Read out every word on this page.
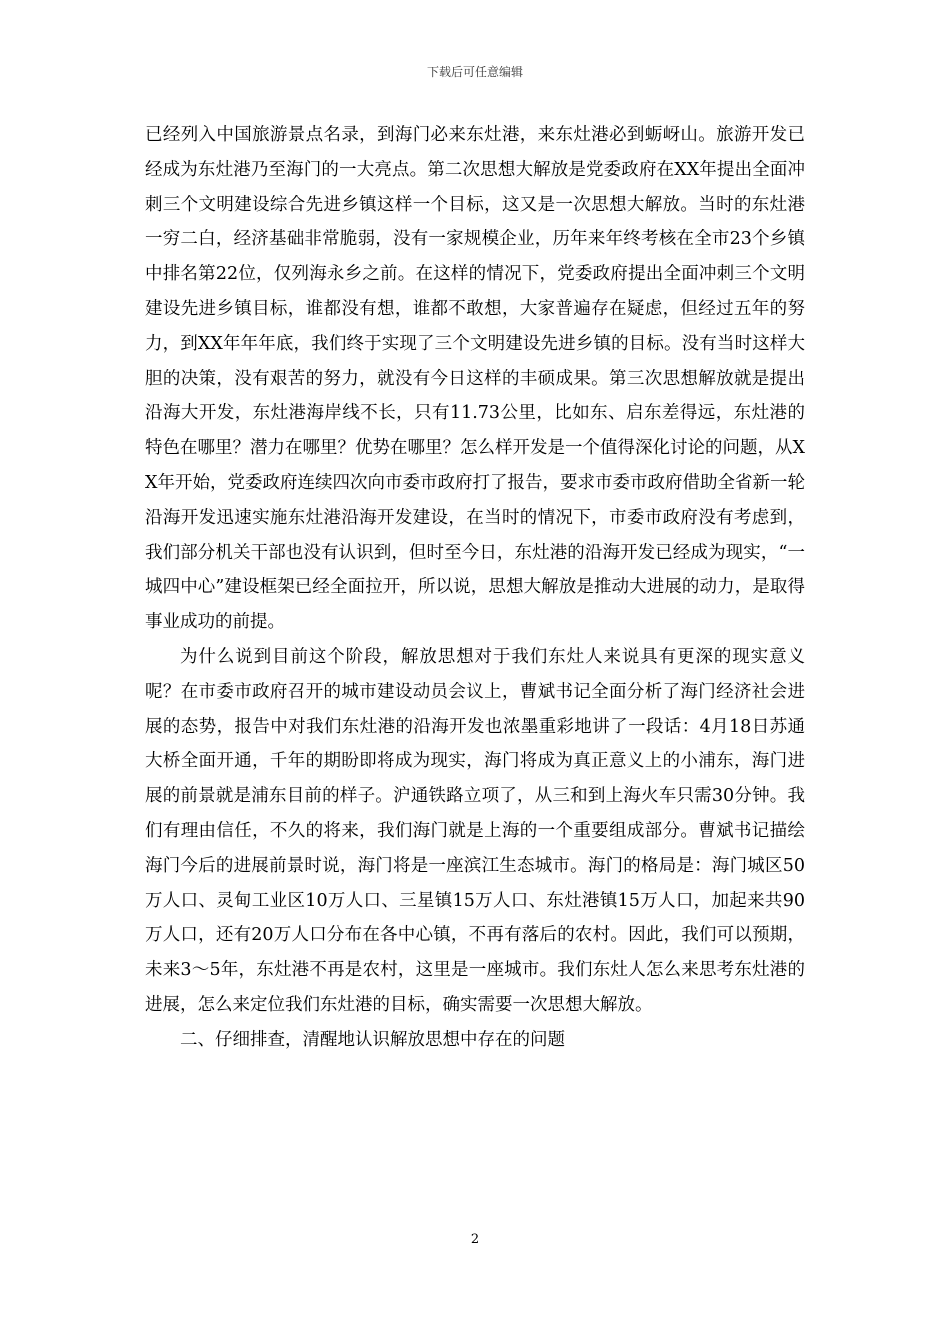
下载后可任意编辑

已经列入中国旅游景点名录，到海门必来东灶港，来东灶港必到蛎岈山。旅游开发已经成为东灶港乃至海门的一大亮点。第二次思想大解放是党委政府在XX年提出全面冲刺三个文明建设综合先进乡镇这样一个目标，这又是一次思想大解放。当时的东灶港一穷二白，经济基础非常脆弱，没有一家规模企业，历年来年终考核在全市23个乡镇中排名第22位，仅列海永乡之前。在这样的情况下，党委政府提出全面冲刺三个文明建设先进乡镇目标，谁都没有想，谁都不敢想，大家普遍存在疑虑，但经过五年的努力，到XX年年年底，我们终于实现了三个文明建设先进乡镇的目标。没有当时这样大胆的决策，没有艰苦的努力，就没有今日这样的丰硕成果。第三次思想解放就是提出沿海大开发，东灶港海岸线不长，只有11.73公里，比如东、启东差得远，东灶港的特色在哪里？潜力在哪里？优势在哪里？怎么样开发是一个值得深化讨论的问题，从XX年开始，党委政府连续四次向市委市政府打了报告，要求市委市政府借助全省新一轮沿海开发迅速实施东灶港沿海开发建设，在当时的情况下，市委市政府没有考虑到，我们部分机关干部也没有认识到，但时至今日，东灶港的沿海开发已经成为现实，“一城四中心”建设框架已经全面拉开，所以说，思想大解放是推动大进展的动力，是取得事业成功的前提。

为什么说到目前这个阶段，解放思想对于我们东灶人来说具有更深的现实意义呢？在市委市政府召开的城市建设动员会议上，曹斌书记全面分析了海门经济社会进展的态势，报告中对我们东灶港的沿海开发也浓墨重彩地讲了一段话：4月18日苏通大桥全面开通，千年的期盼即将成为现实，海门将成为真正意义上的小浦东，海门进展的前景就是浦东目前的样子。沪通铁路立项了，从三和到上海火车只需30分钟。我们有理由信任，不久的将来，我们海门就是上海的一个重要组成部分。曹斌书记描绘海门今后的进展前景时说，海门将是一座滨江生态城市。海门的格局是：海门城区50万人口、灵甸工业区10万人口、三星镇15万人口、东灶港镇15万人口，加起来共90万人口，还有20万人口分布在各中心镇，不再有落后的农村。因此，我们可以预期，未来3～5年，东灶港不再是农村，这里是一座城市。我们东灶人怎么来思考东灶港的进展，怎么来定位我们东灶港的目标，确实需要一次思想大解放。

二、仔细排查，清醒地认识解放思想中存在的问题

2
